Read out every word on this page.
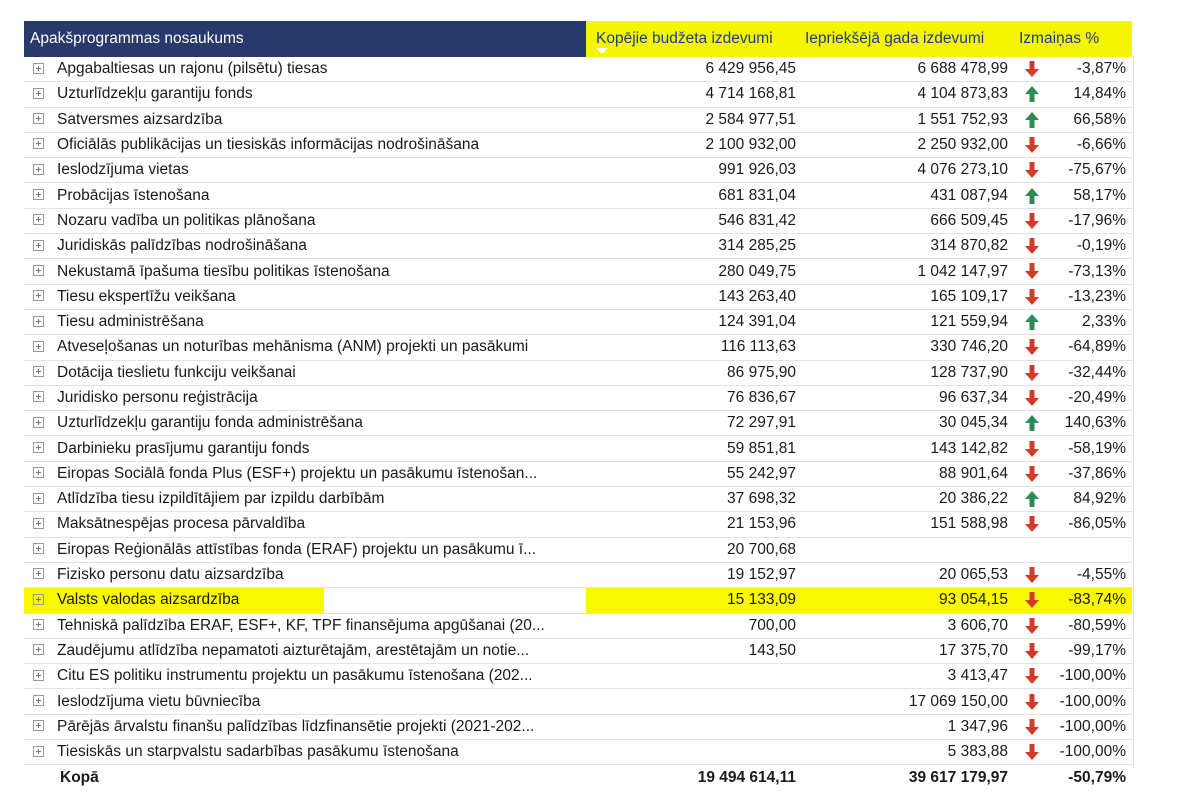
Apakšprogrammas nosaukums	Kopējie budžeta izdevumi	Iepriekšējā gada izdevumi	Izmaiņas %	
Apgabaltiesas un rajonu (pilsētu) tiesas	6 429 956,45	6 688 478,99		-3,87%
Uzturlīdzekļu garantiju fonds	4 714 168,81	4 104 873,83		14,84%
Satversmes aizsardzība	2 584 977,51	1 551 752,93		66,58%
Oficiālās publikācijas un tiesiskās informācijas nodrošināšana	2 100 932,00	2 250 932,00		-6,66%
Ieslodzījuma vietas	991 926,03	4 076 273,10		-75,67%
Probācijas īstenošana	681 831,04	431 087,94		58,17%
Nozaru vadība un politikas plānošana	546 831,42	666 509,45		-17,96%
Juridiskās palīdzības nodrošināšana	314 285,25	314 870,82		-0,19%
Nekustamā īpašuma tiesību politikas īstenošana	280 049,75	1 042 147,97		-73,13%
Tiesu ekspertīžu veikšana	143 263,40	165 109,17		-13,23%
Tiesu administrēšana	124 391,04	121 559,94		2,33%
Atveseļošanas un noturības mehānisma (ANM) projekti un pasākumi	116 113,63	330 746,20		-64,89%
Dotācija tieslietu funkciju veikšanai	86 975,90	128 737,90		-32,44%
Juridisko personu reģistrācija	76 836,67	96 637,34		-20,49%
Uzturlīdzekļu garantiju fonda administrēšana	72 297,91	30 045,34		140,63%
Darbinieku prasījumu garantiju fonds	59 851,81	143 142,82		-58,19%
Eiropas Sociālā fonda Plus (ESF+) projektu un pasākumu īstenošan...	55 242,97	88 901,64		-37,86%
Atlīdzība tiesu izpildītājiem par izpildu darbībām	37 698,32	20 386,22		84,92%
Maksātnespējas procesa pārvaldība	21 153,96	151 588,98		-86,05%
Eiropas Reģionālās attīstības fonda (ERAF) projektu un pasākumu ī...	20 700,68			
Fizisko personu datu aizsardzība	19 152,97	20 065,53		-4,55%
Valsts valodas aizsardzība	15 133,09	93 054,15		-83,74%
Tehniskā palīdzība ERAF, ESF+, KF, TPF finansējuma apgūšanai (20...	700,00	3 606,70		-80,59%
Zaudējumu atlīdzība nepamatoti aizturētajām, arestētajām un notie...	143,50	17 375,70		-99,17%
Citu ES politiku instrumentu projektu un pasākumu īstenošana (202...		3 413,47		-100,00%
Ieslodzījuma vietu būvniecība		17 069 150,00		-100,00%
Pārējās ārvalstu finanšu palīdzības līdzfinansētie projekti (2021-202...		1 347,96		-100,00%
Tiesiskās un starpvalstu sadarbības pasākumu īstenošana		5 383,88		-100,00%
Kopā	19 494 614,11	39 617 179,97		-50,79%
